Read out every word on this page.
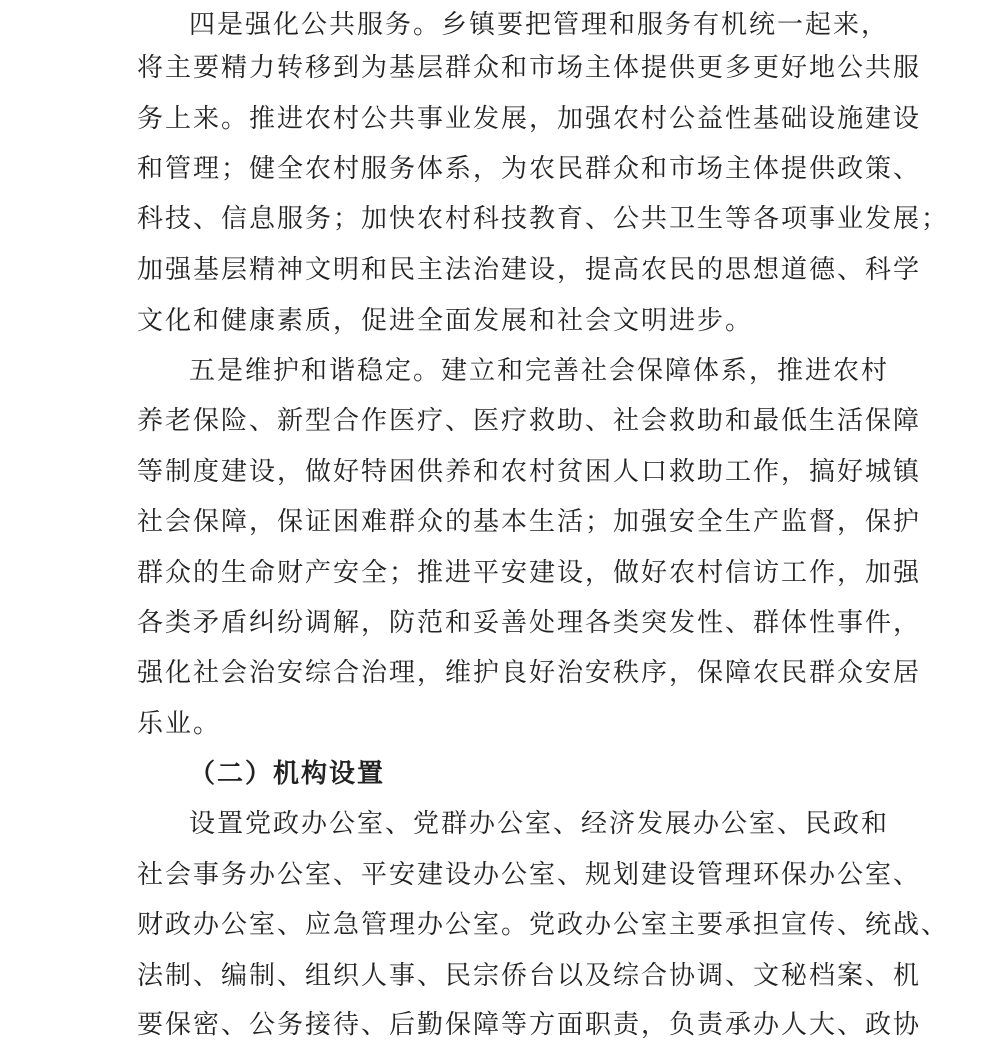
四是强化公共服务。乡镇要把管理和服务有机统一起来，
将主要精力转移到为基层群众和市场主体提供更多更好地公共服
务上来。推进农村公共事业发展，加强农村公益性基础设施建设
和管理；健全农村服务体系，为农民群众和市场主体提供政策、
科技、信息服务；加快农村科技教育、公共卫生等各项事业发展；
加强基层精神文明和民主法治建设，提高农民的思想道德、科学
文化和健康素质，促进全面发展和社会文明进步。
五是维护和谐稳定。建立和完善社会保障体系，推进农村
养老保险、新型合作医疗、医疗救助、社会救助和最低生活保障
等制度建设，做好特困供养和农村贫困人口救助工作，搞好城镇
社会保障，保证困难群众的基本生活；加强安全生产监督，保护
群众的生命财产安全；推进平安建设，做好农村信访工作，加强
各类矛盾纠纷调解，防范和妥善处理各类突发性、群体性事件，
强化社会治安综合治理，维护良好治安秩序，保障农民群众安居
乐业。
（二）机构设置
设置党政办公室、党群办公室、经济发展办公室、民政和
社会事务办公室、平安建设办公室、规划建设管理环保办公室、
财政办公室、应急管理办公室。党政办公室主要承担宣传、统战、
法制、编制、组织人事、民宗侨台以及综合协调、文秘档案、机
要保密、公务接待、后勤保障等方面职责，负责承办人大、政协
